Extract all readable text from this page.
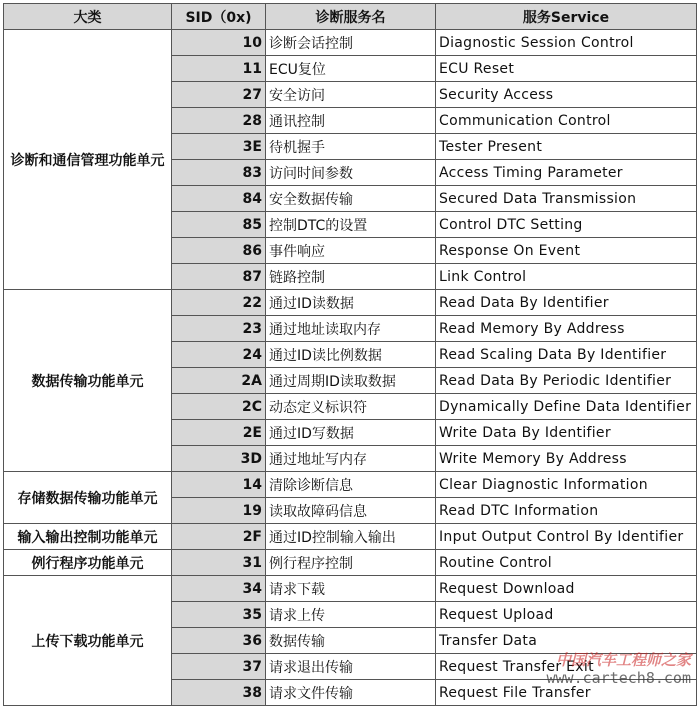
大类	SID（0x)	诊断服务名	服务Service
诊断和通信管理功能单元	10	诊断会话控制	Diagnostic Session Control
	11	ECU复位	ECU Reset
	27	安全访问	Security Access
	28	通讯控制	Communication Control
	3E	待机握手	Tester Present
	83	访问时间参数	Access Timing Parameter
	84	安全数据传输	Secured Data Transmission
	85	控制DTC的设置	Control DTC Setting
	86	事件响应	Response On Event
	87	链路控制	Link Control
数据传输功能单元	22	通过ID读数据	Read Data By Identifier
	23	通过地址读取内存	Read Memory By Address
	24	通过ID读比例数据	Read Scaling Data By Identifier
	2A	通过周期ID读取数据	Read Data By Periodic Identifier
	2C	动态定义标识符	Dynamically Define Data Identifier
	2E	通过ID写数据	Write Data By Identifier
	3D	通过地址写内存	Write Memory By Address
存储数据传输功能单元	14	清除诊断信息	Clear Diagnostic Information
	19	读取故障码信息	Read DTC Information
输入输出控制功能单元	2F	通过ID控制输入输出	Input Output Control By Identifier
例行程序功能单元	31	例行程序控制	Routine Control
上传下载功能单元	34	请求下载	Request Download
	35	请求上传	Request Upload
	36	数据传输	Transfer Data
	37	请求退出传输	Request Transfer Exit
	38	请求文件传输	Request File Transfer
中国汽车工程师之家
www.cartech8.com
